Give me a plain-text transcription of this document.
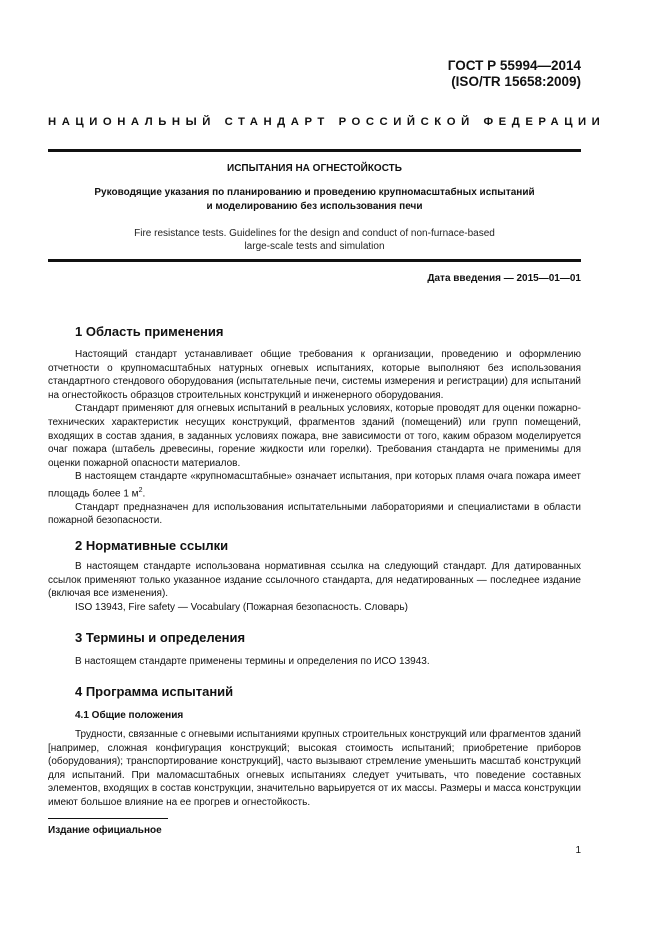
ГОСТ Р 55994—2014
(ISO/TR 15658:2009)
НАЦИОНАЛЬНЫЙ СТАНДАРТ РОССИЙСКОЙ ФЕДЕРАЦИИ
ИСПЫТАНИЯ НА ОГНЕСТОЙКОСТЬ
Руководящие указания по планированию и проведению крупномасштабных испытаний
и моделированию без использования печи
Fire resistance tests. Guidelines for the design and conduct of non-furnace-based
large-scale tests and simulation
Дата введения — 2015—01—01
1 Область применения

Настоящий стандарт устанавливает общие требования к организации, проведению и оформлению отчетности о крупномасштабных натурных огневых испытаниях, которые выполняют без использования стандартного стендового оборудования (испытательные печи, системы измерения и регистрации) для испытаний на огнестойкость образцов строительных конструкций и инженерного оборудования.

Стандарт применяют для огневых испытаний в реальных условиях, которые проводят для оценки пожарно-технических характеристик несущих конструкций, фрагментов зданий (помещений) или групп помещений, входящих в состав здания, в заданных условиях пожара, вне зависимости от того, каким образом моделируется очаг пожара (штабель древесины, горение жидкости или горелки). Требования стандарта не применимы для оценки пожарной опасности материалов.

В настоящем стандарте «крупномасштабные» означает испытания, при которых пламя очага пожара имеет площадь более 1 $м^2$.

Стандарт предназначен для использования испытательными лабораториями и специалистами в области пожарной безопасности.

2 Нормативные ссылки

В настоящем стандарте использована нормативная ссылка на следующий стандарт. Для датированных ссылок применяют только указанное издание ссылочного стандарта, для недатированных — последнее издание (включая все изменения).

ISO 13943, Fire safety — Vocabulary (Пожарная безопасность. Словарь)

3 Термины и определения

В настоящем стандарте применены термины и определения по ИСО 13943.

4 Программа испытаний
4.1 Общие положения

Трудности, связанные с огневыми испытаниями крупных строительных конструкций или фрагментов зданий [например, сложная конфигурация конструкций; высокая стоимость испытаний; приобретение приборов (оборудования); транспортирование конструкций], часто вызывают стремление уменьшить масштаб конструкций для испытаний. При маломасштабных огневых испытаниях следует учитывать, что поведение составных элементов, входящих в состав конструкции, значительно варьируется от их массы. Размеры и масса конструкции имеют большое влияние на ее прогрев и огнестойкость.

Издание официальное
1
